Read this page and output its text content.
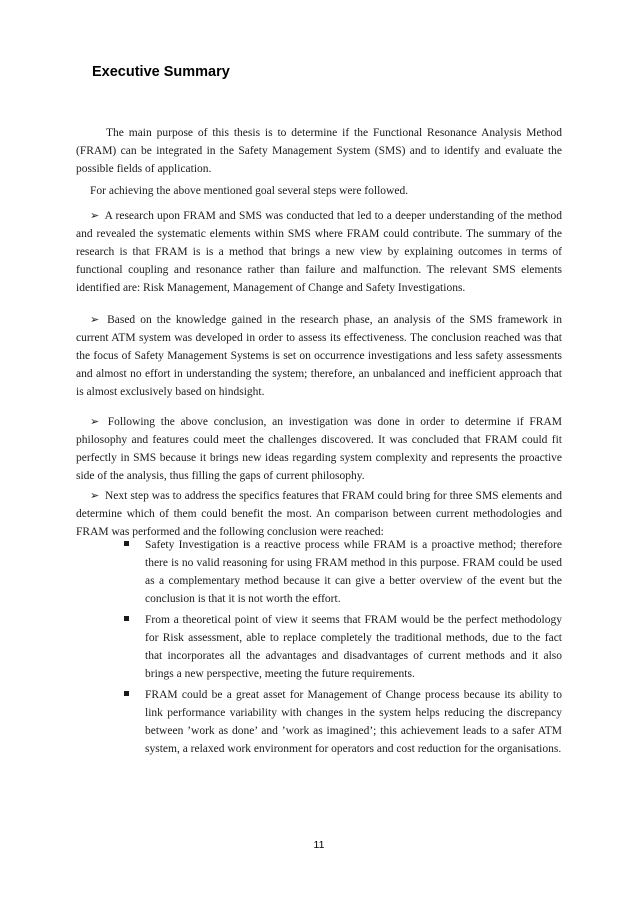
Executive Summary

The main purpose of this thesis is to determine if the Functional Resonance Analysis Method (FRAM) can be integrated in the Safety Management System (SMS) and to identify and evaluate the possible fields of application.

For achieving the above mentioned goal several steps were followed.

➢ A research upon FRAM and SMS was conducted that led to a deeper understanding of the method and revealed the systematic elements within SMS where FRAM could contribute. The summary of the research is that FRAM is is a method that brings a new view by explaining outcomes in terms of functional coupling and resonance rather than failure and malfunction. The relevant SMS elements identified are: Risk Management, Management of Change and Safety Investigations.

➢ Based on the knowledge gained in the research phase, an analysis of the SMS framework in current ATM system was developed in order to assess its effectiveness. The conclusion reached was that the focus of Safety Management Systems is set on occurrence investigations and less safety assessments and almost no effort in understanding the system; therefore, an unbalanced and inefficient approach that is almost exclusively based on hindsight.

➢ Following the above conclusion, an investigation was done in order to determine if FRAM philosophy and features could meet the challenges discovered. It was concluded that FRAM could fit perfectly in SMS because it brings new ideas regarding system complexity and represents the proactive side of the analysis, thus filling the gaps of current philosophy.

➢ Next step was to address the specifics features that FRAM could bring for three SMS elements and determine which of them could benefit the most. An comparison between current methodologies and FRAM was performed and the following conclusion were reached:

Safety Investigation is a reactive process while FRAM is a proactive method; therefore there is no valid reasoning for using FRAM method in this purpose. FRAM could be used as a complementary method because it can give a better overview of the event but the conclusion is that it is not worth the effort.
From a theoretical point of view it seems that FRAM would be the perfect methodology for Risk assessment, able to replace completely the traditional methods, due to the fact that incorporates all the advantages and disadvantages of current methods and it also brings a new perspective, meeting the future requirements.
FRAM could be a great asset for Management of Change process because its ability to link performance variability with changes in the system helps reducing the discrepancy between ’work as done’ and ’work as imagined’; this achievement leads to a safer ATM system, a relaxed work environment for operators and cost reduction for the organisations.
11
